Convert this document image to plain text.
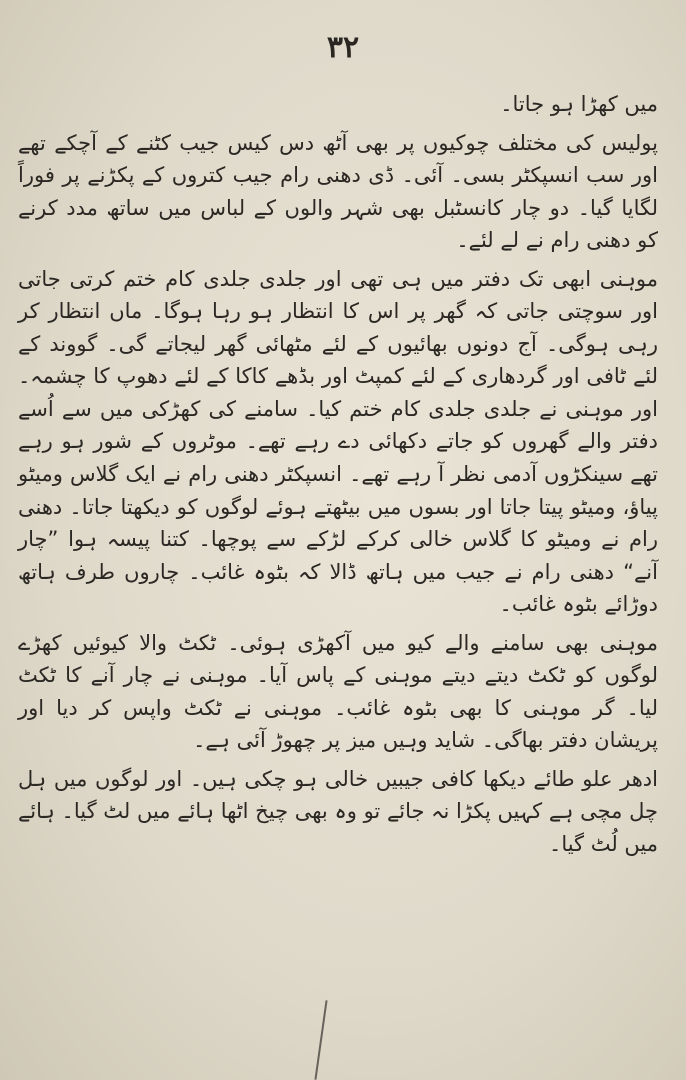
۳۲

میں کھڑا ہو جاتا۔

پولیس کی مختلف چوکیوں پر بھی آٹھ دس کیس جیب کٹنے کے آچکے تھے اور سب انسپکٹر بسی۔ آئی۔ ڈی دھنی رام جیب کتروں کے پکڑنے پر فوراً لگایا گیا۔ دو چار کانسٹبل بھی شہر والوں کے لباس میں ساتھ مدد کرنے کو دھنی رام نے لے لئے۔

موہنی ابھی تک دفتر میں ہی تھی اور جلدی جلدی کام ختم کرتی جاتی اور سوچتی جاتی کہ گھر پر اس کا انتظار ہو رہا ہوگا۔ ماں انتظار کر رہی ہوگی۔ آج دونوں بھائیوں کے لئے مٹھائی گھر لیجاتے گی۔ گووند کے لئے ٹافی اور گردھاری کے لئے کمپٹ اور بڈھے کاکا کے لئے دھوپ کا چشمہ۔ اور موہنی نے جلدی جلدی کام ختم کیا۔ سامنے کی کھڑکی میں سے اُسے دفتر والے گھروں کو جاتے دکھائی دے رہے تھے۔ موٹروں کے شور ہو رہے تھے سینکڑوں آدمی نظر آ رہے تھے۔ انسپکٹر دھنی رام نے ایک گلاس ومیٹو پیاؤ، ومیٹو پیتا جاتا اور بسوں میں بیٹھتے ہوئے لوگوں کو دیکھتا جاتا۔ دھنی رام نے ومیٹو کا گلاس خالی کرکے لڑکے سے پوچھا۔ کتنا پیسہ ہوا ”چار آنے“ دھنی رام نے جیب میں ہاتھ ڈالا کہ بٹوہ غائب۔ چاروں طرف ہاتھ دوڑائے بٹوہ غائب۔

موہنی بھی سامنے والے کیو میں آکھڑی ہوئی۔ ٹکٹ والا کیوئیں کھڑے لوگوں کو ٹکٹ دیتے دیتے موہنی کے پاس آیا۔ موہنی نے چار آنے کا ٹکٹ لیا۔ گر موہنی کا بھی بٹوہ غائب۔ موہنی نے ٹکٹ واپس کر دیا اور پریشان دفتر بھاگی۔ شاید وہیں میز پر چھوڑ آئی ہے۔

ادھر علو طائے دیکھا کافی جیبیں خالی ہو چکی ہیں۔ اور لوگوں میں ہل چل مچی ہے کہیں پکڑا نہ جائے تو وہ بھی چیخ اٹھا ہائے میں لٹ گیا۔ ہائے میں لُٹ گیا۔
